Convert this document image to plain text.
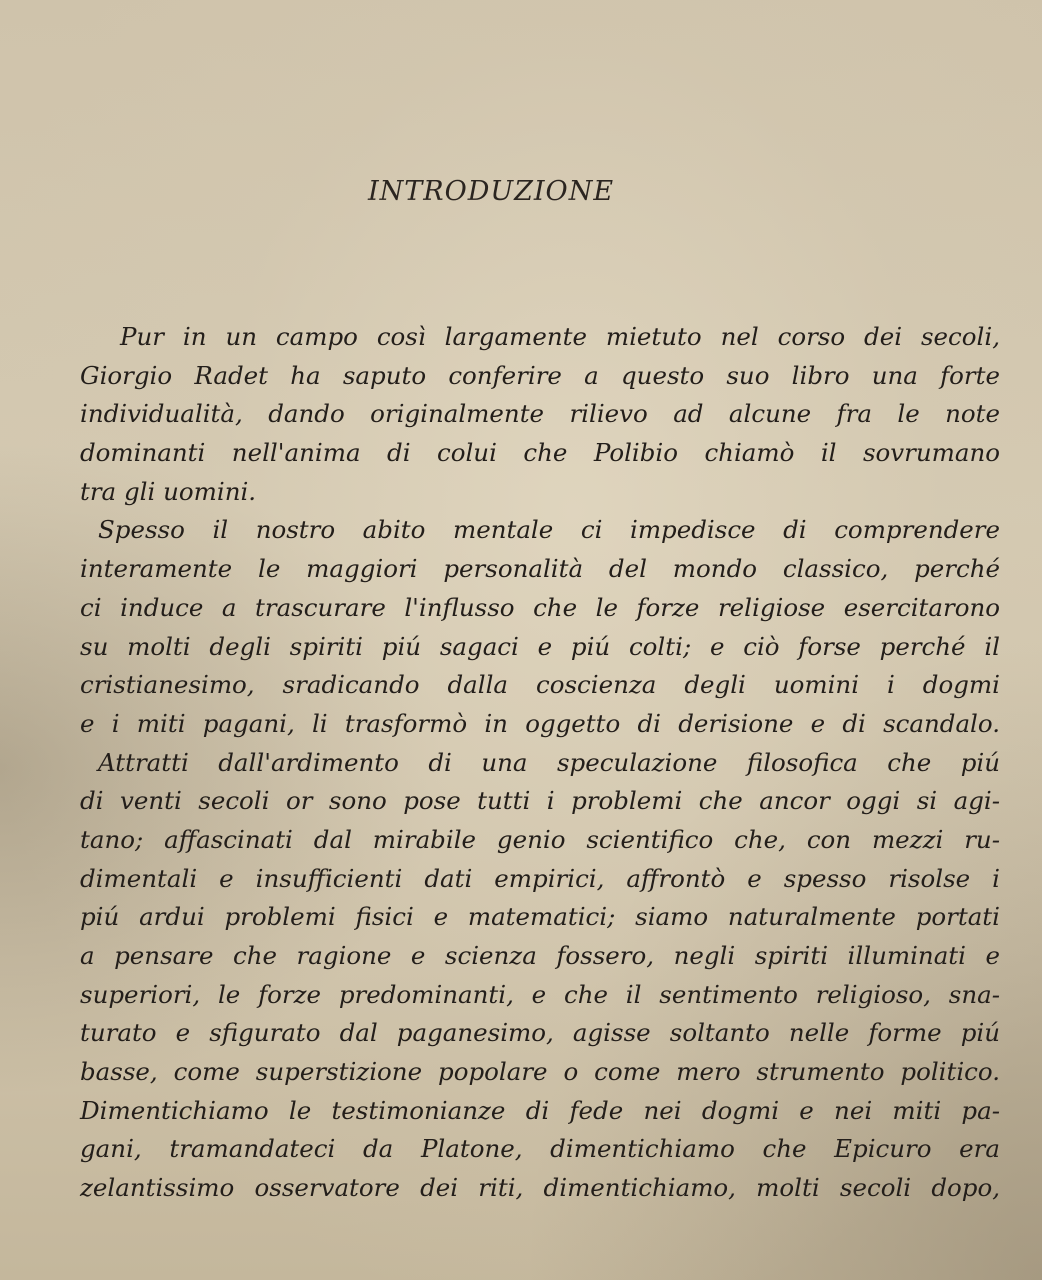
INTRODUZIONE
Pur in un campo così largamente mietuto nel corso dei secoli,
Giorgio Radet ha saputo conferire a questo suo libro una forte
individualità, dando originalmente rilievo ad alcune fra le note
dominanti nell'anima di colui che Polibio chiamò il sovrumano
tra gli uomini.
Spesso il nostro abito mentale ci impedisce di comprendere
interamente le maggiori personalità del mondo classico, perché
ci induce a trascurare l'influsso che le forze religiose esercitarono
su molti degli spiriti piú sagaci e piú colti; e ciò forse perché il
cristianesimo, sradicando dalla coscienza degli uomini i dogmi
e i miti pagani, li trasformò in oggetto di derisione e di scandalo.
Attratti dall'ardimento di una speculazione filosofica che piú
di venti secoli or sono pose tutti i problemi che ancor oggi si agi-
tano; affascinati dal mirabile genio scientifico che, con mezzi ru-
dimentali e insufficienti dati empirici, affrontò e spesso risolse i
piú ardui problemi fisici e matematici; siamo naturalmente portati
a pensare che ragione e scienza fossero, negli spiriti illuminati e
superiori, le forze predominanti, e che il sentimento religioso, sna-
turato e sfigurato dal paganesimo, agisse soltanto nelle forme piú
basse, come superstizione popolare o come mero strumento politico.
Dimentichiamo le testimonianze di fede nei dogmi e nei miti pa-
gani, tramandateci da Platone, dimentichiamo che Epicuro era
zelantissimo osservatore dei riti, dimentichiamo, molti secoli dopo,
